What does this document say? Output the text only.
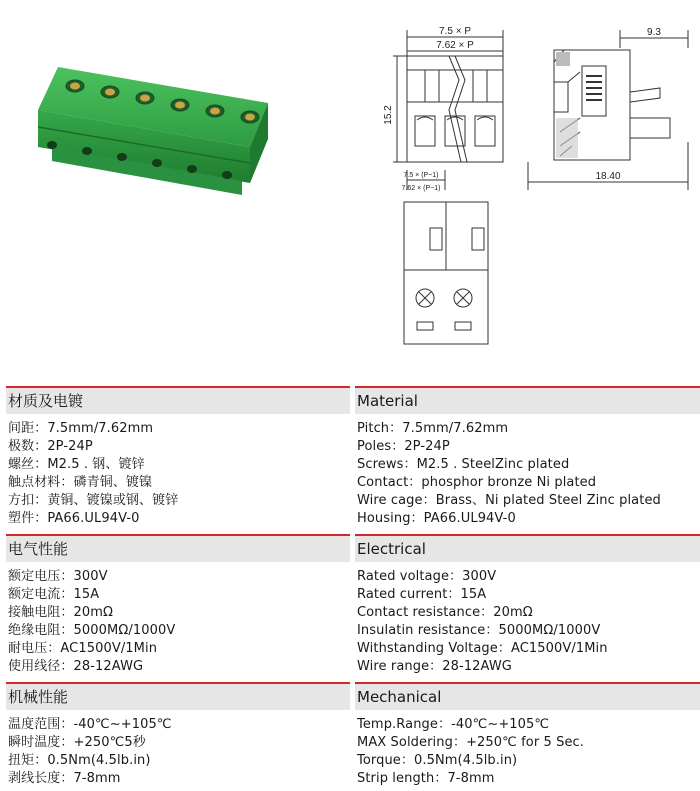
7.5 × P
7.62 × P
15.2
7.5 × (P−1)
7.62 × (P−1)
9.3
18.40
材质及电镀
间距：7.5mm/7.62mm
极数：2P-24P
螺丝：M2.5 . 钢、镀锌
触点材料：磷青铜、镀镍
方扣：黄铜、镀镍或钢、镀锌
塑件：PA66.UL94V-0
电气性能
额定电压：300V
额定电流：15A
接触电阻：20mΩ
绝缘电阻：5000MΩ/1000V
耐电压：AC1500V/1Min
使用线径：28-12AWG
机械性能
温度范围：-40℃~+105℃
瞬时温度：+250℃5秒
扭矩：0.5Nm(4.5lb.in)
剥线长度：7-8mm
Material
Pitch：7.5mm/7.62mm
Poles：2P-24P
Screws：M2.5 . SteelZinc plated
Contact：phosphor bronze Ni plated
Wire cage：Brass、Ni plated Steel Zinc plated
Housing：PA66.UL94V-0
Electrical
Rated voltage：300V
Rated current：15A
Contact resistance：20mΩ
Insulatin resistance：5000MΩ/1000V
Withstanding Voltage：AC1500V/1Min
Wire range：28-12AWG
Mechanical
Temp.Range：-40℃~+105℃
MAX Soldering：+250℃ for 5 Sec.
Torque：0.5Nm(4.5lb.in)
Strip length：7-8mm
